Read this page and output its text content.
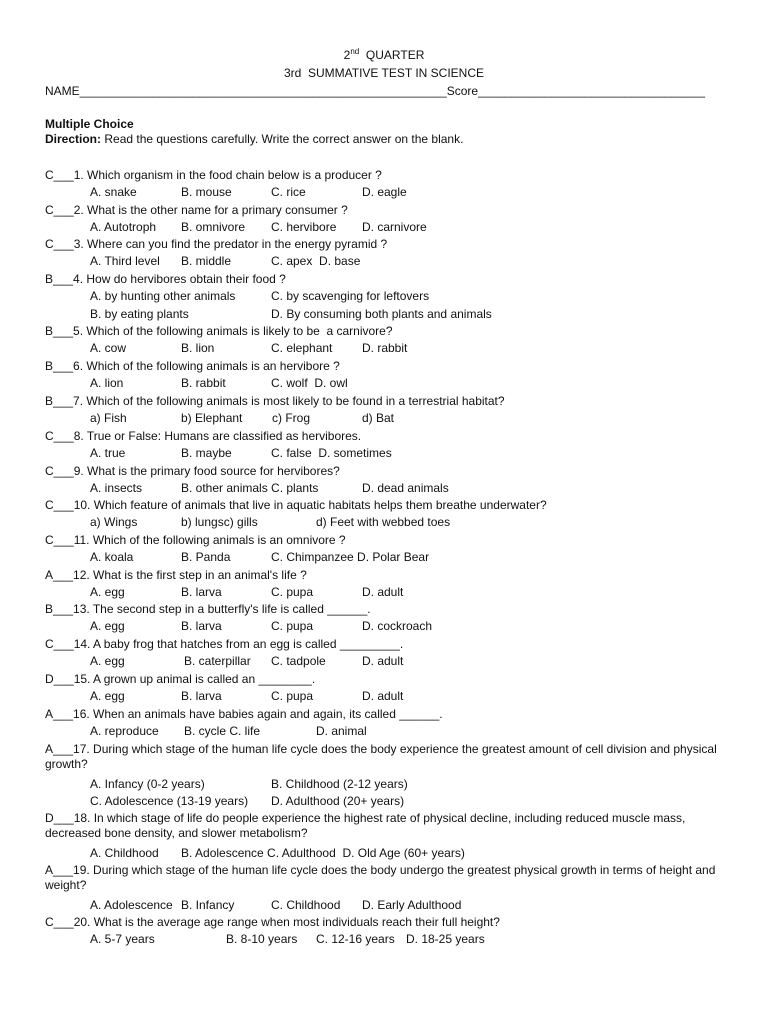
2nd QUARTER
3rd  SUMMATIVE TEST IN SCIENCE
NAME_______________________________________________________Score__________________________________
Multiple Choice
Direction: Read the questions carefully. Write the correct answer on the blank.
C___1. Which organism in the food chain below is a producer ?
A. snake	B. mouse	C. rice	D. eagle
C___2. What is the other name for a primary consumer ?
A. Autotroph B. omnivore C. hervibore D. carnivore
C___3. Where can you find the predator in the energy pyramid ?
A. Third level B. middle	C. apex  D. base
B___4. How do hervibores obtain their food ?
A. by hunting other animals	C. by scavenging for leftovers
B. by eating plants	D. By consuming both plants and animals
B___5. Which of the following animals is likely to be  a carnivore?
A. cow	B. lion	C. elephant D. rabbit
B___6. Which of the following animals is an hervibore ?
A. lion	B. rabbit	C. wolf  D. owl
B___7. Which of the following animals is most likely to be found in a terrestrial habitat?
a) Fish	b) Elephant c) Frog	d) Bat
C___8. True or False: Humans are classified as hervibores.
A. true	B. maybe	C. false  D. sometimes
C___9. What is the primary food source for hervibores?
A. insects	B. other animals C. plants	D. dead animals
C___10. Which feature of animals that live in aquatic habitats helps them breathe underwater?
a) Wings	b) lungsc) gills	d) Feet with webbed toes
C___11. Which of the following animals is an omnivore ?
A. koala	B. Panda	C. Chimpanzee D. Polar Bear
A___12. What is the first step in an animal's life ?
A. egg	B. larva	C. pupa	D. adult
B___13. The second step in a butterfly's life is called ______.
A. egg	B. larva	C. pupa	D. cockroach
C___14. A baby frog that hatches from an egg is called _________.
A. egg	B. caterpillar C. tadpole	D. adult
D___15. A grown up animal is called an ________.
A. egg	B. larva	C. pupa	D. adult
A___16. When an animals have babies again and again, its called ______.
A. reproduce B. cycle C. life	D. animal
A___17. During which stage of the human life cycle does the body experience the greatest amount of cell division and physical growth?
A. Infancy (0-2 years)	B. Childhood (2-12 years)
C. Adolescence (13-19 years) D. Adulthood (20+ years)
D___18. In which stage of life do people experience the highest rate of physical decline, including reduced muscle mass, decreased bone density, and slower metabolism?
A. Childhood B. Adolescence C. Adulthood  D. Old Age (60+ years)
A___19. During which stage of the human life cycle does the body undergo the greatest physical growth in terms of height and weight?
A. Adolescence B. Infancy	C. Childhood D. Early Adulthood
C___20. What is the average age range when most individuals reach their full height?
A. 5-7 years	B. 8-10 years C. 12-16 years D. 18-25 years
